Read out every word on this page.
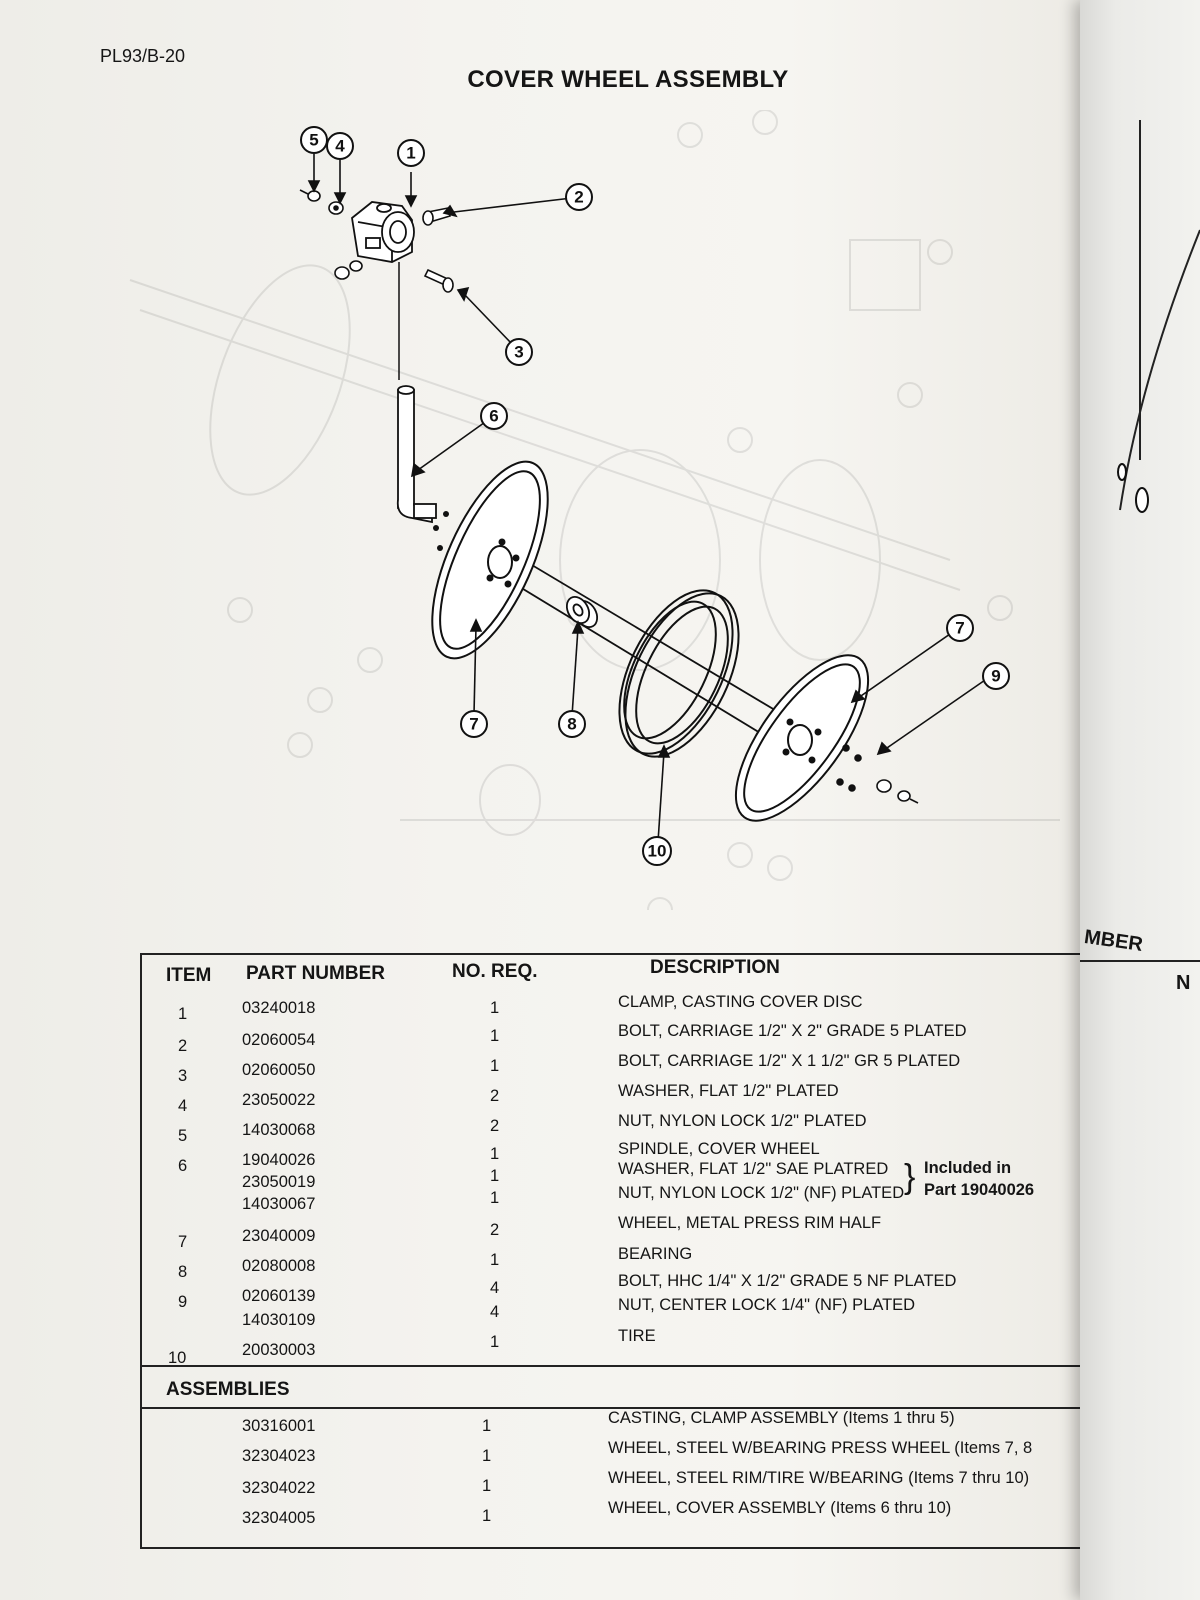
PL93/B-20
COVER WHEEL ASSEMBLY
1
2
3
4
5
6
7
7	8
9
10
ITEM PART NUMBER	NO. REQ.	DESCRIPTION
1	03240018	1	CLAMP, CASTING COVER DISC
2	02060054	1	BOLT, CARRIAGE 1/2" X 2" GRADE 5 PLATED
3	02060050	1	BOLT, CARRIAGE 1/2" X 1 1/2" GR 5 PLATED
4	23050022	2	WASHER, FLAT 1/2" PLATED
5	14030068	2	NUT, NYLON LOCK 1/2" PLATED
6	19040026	1	SPINDLE, COVER WHEEL
23050019	1	WASHER, FLAT 1/2" SAE PLATRED
14030067	1	NUT, NYLON LOCK 1/2" (NF) PLATED } Included in
Part 19040026
7	23040009	2	WHEEL, METAL PRESS RIM HALF
8	02080008	1	BEARING
9	02060139	4	BOLT, HHC 1/4" X 1/2" GRADE 5 NF PLATED
14030109	4	NUT, CENTER LOCK 1/4" (NF) PLATED
10	20030003	1	TIRE
ASSEMBLIES
30316001	1	CASTING, CLAMP ASSEMBLY (Items 1 thru 5)
32304023	1	WHEEL, STEEL W/BEARING PRESS WHEEL (Items 7, 8
32304022	1	WHEEL, STEEL RIM/TIRE W/BEARING (Items 7 thru 10)
32304005	1	WHEEL, COVER ASSEMBLY (Items 6 thru 10)
MBER
N
